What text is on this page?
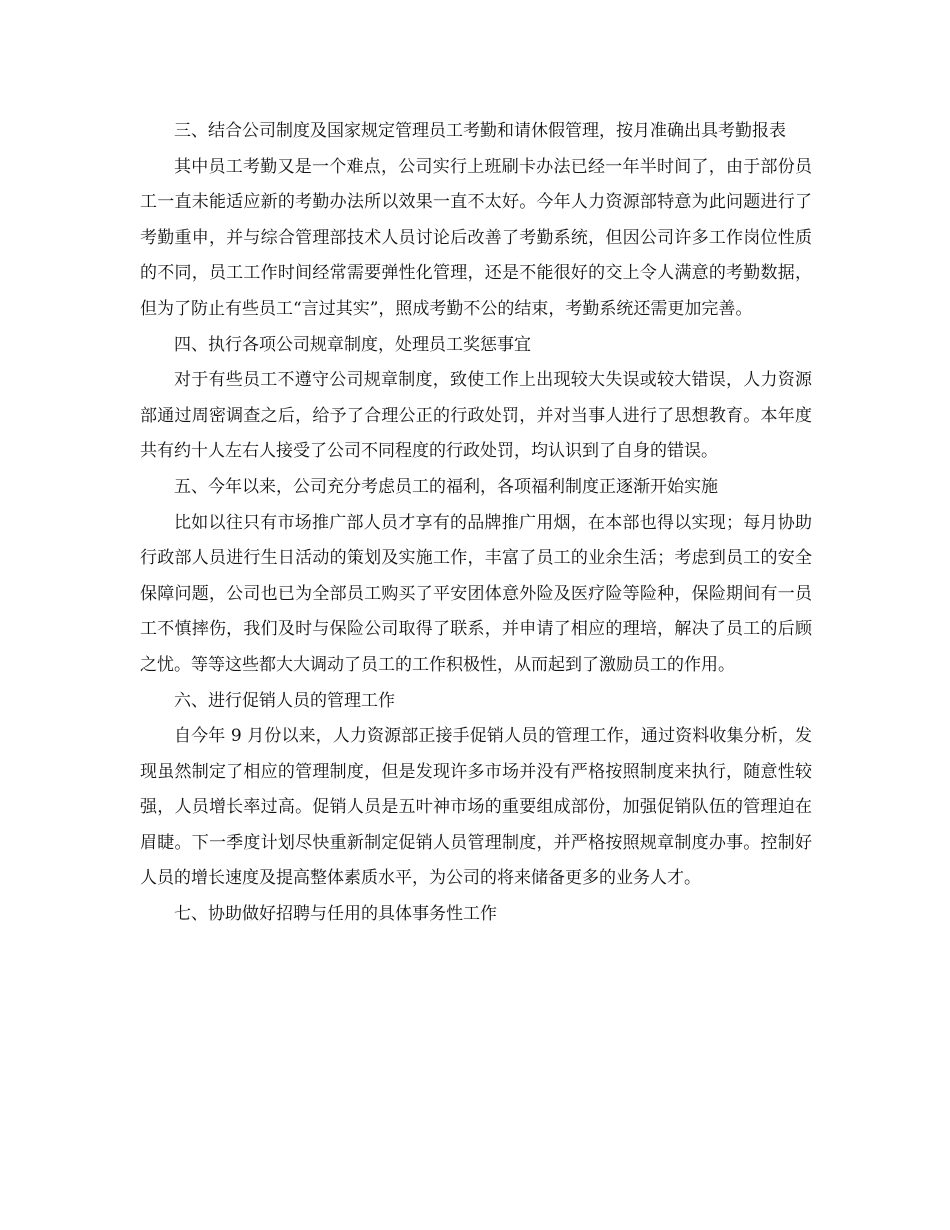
三、结合公司制度及国家规定管理员工考勤和请休假管理，按月准确出具考勤报表

其中员工考勤又是一个难点，公司实行上班刷卡办法已经一年半时间了，由于部份员工一直未能适应新的考勤办法所以效果一直不太好。今年人力资源部特意为此问题进行了考勤重申，并与综合管理部技术人员讨论后改善了考勤系统，但因公司许多工作岗位性质的不同，员工工作时间经常需要弹性化管理，还是不能很好的交上令人满意的考勤数据，但为了防止有些员工“言过其实”，照成考勤不公的结束，考勤系统还需更加完善。

四、执行各项公司规章制度，处理员工奖惩事宜

对于有些员工不遵守公司规章制度，致使工作上出现较大失误或较大错误，人力资源部通过周密调查之后，给予了合理公正的行政处罚，并对当事人进行了思想教育。本年度共有约十人左右人接受了公司不同程度的行政处罚，均认识到了自身的错误。

五、今年以来，公司充分考虑员工的福利，各项福利制度正逐渐开始实施

比如以往只有市场推广部人员才享有的品牌推广用烟，在本部也得以实现；每月协助行政部人员进行生日活动的策划及实施工作，丰富了员工的业余生活；考虑到员工的安全保障问题，公司也已为全部员工购买了平安团体意外险及医疗险等险种，保险期间有一员工不慎摔伤，我们及时与保险公司取得了联系，并申请了相应的理培，解决了员工的后顾之忧。等等这些都大大调动了员工的工作积极性，从而起到了激励员工的作用。

六、进行促销人员的管理工作

自今年 9 月份以来，人力资源部正接手促销人员的管理工作，通过资料收集分析，发现虽然制定了相应的管理制度，但是发现许多市场并没有严格按照制度来执行，随意性较强，人员增长率过高。促销人员是五叶神市场的重要组成部份，加强促销队伍的管理迫在眉睫。下一季度计划尽快重新制定促销人员管理制度，并严格按照规章制度办事。控制好人员的增长速度及提高整体素质水平，为公司的将来储备更多的业务人才。

七、协助做好招聘与任用的具体事务性工作
